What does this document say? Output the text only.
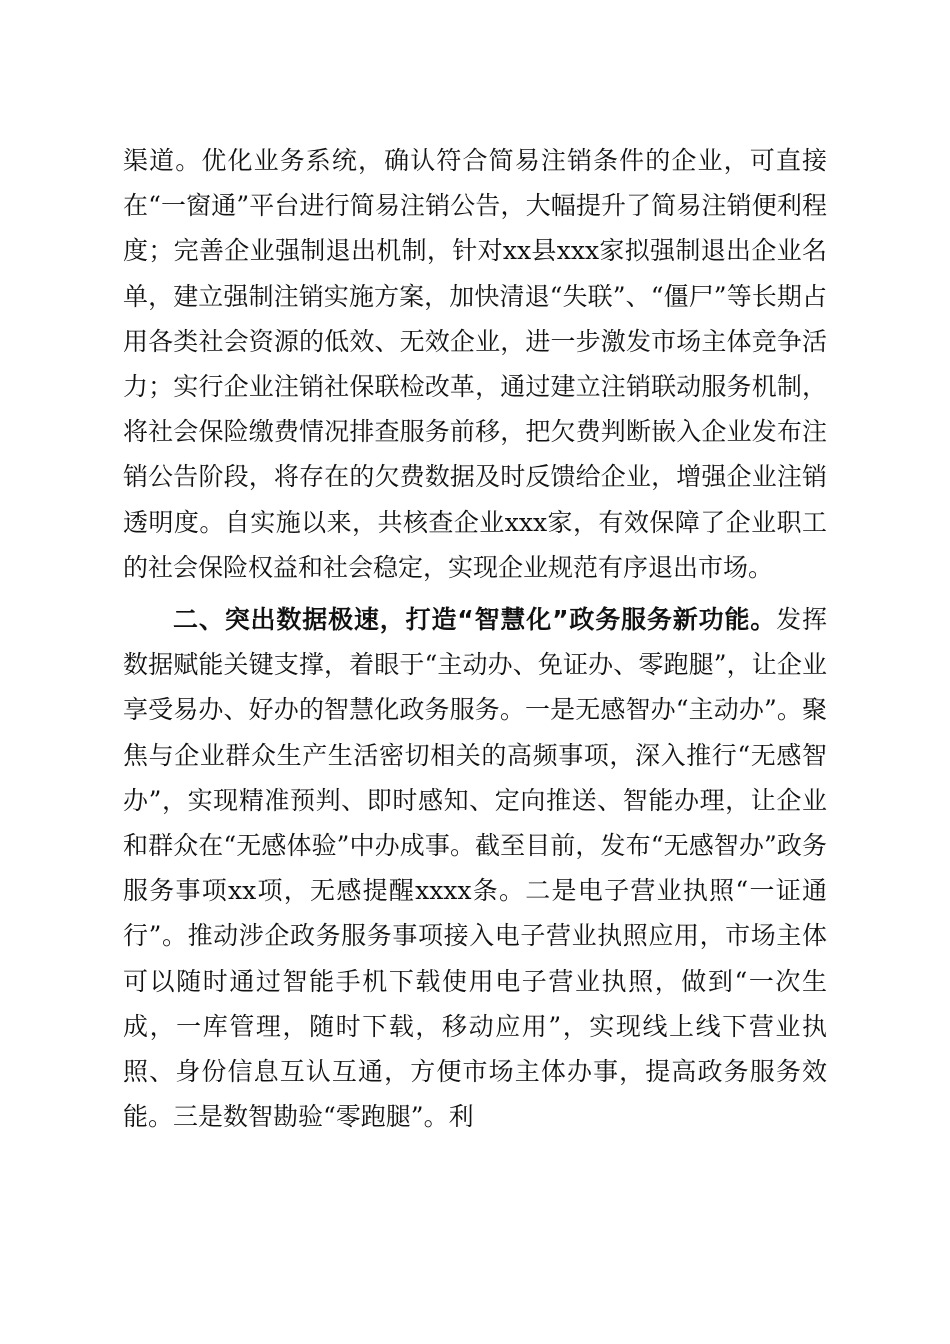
渠道。优化业务系统，确认符合简易注销条件的企业，可直接在“一窗通”平台进行简易注销公告，大幅提升了简易注销便利程度；完善企业强制退出机制，针对xx县xxx家拟强制退出企业名单，建立强制注销实施方案，加快清退“失联”、“僵尸”等长期占用各类社会资源的低效、无效企业，进一步激发市场主体竞争活力；实行企业注销社保联检改革，通过建立注销联动服务机制，将社会保险缴费情况排查服务前移，把欠费判断嵌入企业发布注销公告阶段，将存在的欠费数据及时反馈给企业，增强企业注销透明度。自实施以来，共核查企业xxx家，有效保障了企业职工的社会保险权益和社会稳定，实现企业规范有序退出市场。

二、突出数据极速，打造“智慧化”政务服务新功能。发挥数据赋能关键支撑，着眼于“主动办、免证办、零跑腿”，让企业享受易办、好办的智慧化政务服务。一是无感智办“主动办”。聚焦与企业群众生产生活密切相关的高频事项，深入推行“无感智办”，实现精准预判、即时感知、定向推送、智能办理，让企业和群众在“无感体验”中办成事。截至目前，发布“无感智办”政务服务事项xx项，无感提醒xxxx条。二是电子营业执照“一证通行”。推动涉企政务服务事项接入电子营业执照应用，市场主体可以随时通过智能手机下载使用电子营业执照，做到“一次生成，一库管理，随时下载，移动应用”，实现线上线下营业执照、身份信息互认互通，方便市场主体办事，提高政务服务效能。三是数智勘验“零跑腿”。利
